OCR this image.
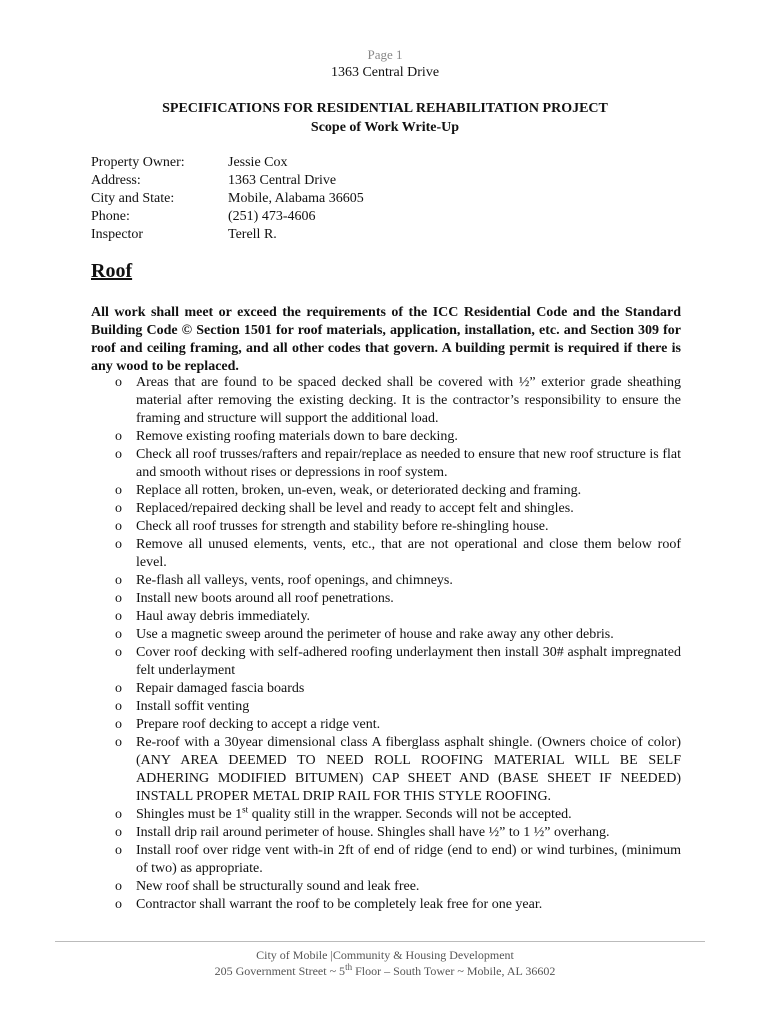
Page 1
1363 Central Drive
SPECIFICATIONS FOR RESIDENTIAL REHABILITATION PROJECT
Scope of Work Write-Up
Property Owner:	Jessie Cox
Address:	1363 Central Drive
City and State:	Mobile, Alabama 36605
Phone:	(251) 473-4606
Inspector	Terell R.
Roof
All work shall meet or exceed the requirements of the ICC Residential Code and the Standard Building Code © Section 1501 for roof materials, application, installation, etc. and Section 309 for roof and ceiling framing, and all other codes that govern. A building permit is required if there is any wood to be replaced.
o Areas that are found to be spaced decked shall be covered with ½” exterior grade sheathing material after removing the existing decking. It is the contractor’s responsibility to ensure the framing and structure will support the additional load.
o Remove existing roofing materials down to bare decking.
o Check all roof trusses/rafters and repair/replace as needed to ensure that new roof structure is flat and smooth without rises or depressions in roof system.
o Replace all rotten, broken, un-even, weak, or deteriorated decking and framing.
o Replaced/repaired decking shall be level and ready to accept felt and shingles.
o Check all roof trusses for strength and stability before re-shingling house.
o Remove all unused elements, vents, etc., that are not operational and close them below roof level.
o Re-flash all valleys, vents, roof openings, and chimneys.
o Install new boots around all roof penetrations.
o Haul away debris immediately.
o Use a magnetic sweep around the perimeter of house and rake away any other debris.
o Cover roof decking with self-adhered roofing underlayment then install 30# asphalt impregnated felt underlayment
o Repair damaged fascia boards
o Install soffit venting
o Prepare roof decking to accept a ridge vent.
o Re-roof with a 30year dimensional class A fiberglass asphalt shingle. (Owners choice of color) (ANY AREA DEEMED TO NEED ROLL ROOFING MATERIAL WILL BE SELF ADHERING MODIFIED BITUMEN) CAP SHEET AND (BASE SHEET IF NEEDED) INSTALL PROPER METAL DRIP RAIL FOR THIS STYLE ROOFING.
o Shingles must be 1st quality still in the wrapper. Seconds will not be accepted.
o Install drip rail around perimeter of house. Shingles shall have ½” to 1 ½” overhang.
o Install roof over ridge vent with-in 2ft of end of ridge (end to end) or wind turbines, (minimum of two) as appropriate.
o New roof shall be structurally sound and leak free.
o Contractor shall warrant the roof to be completely leak free for one year.
City of Mobile |Community & Housing Development
205 Government Street ~ 5th Floor – South Tower ~ Mobile, AL 36602
